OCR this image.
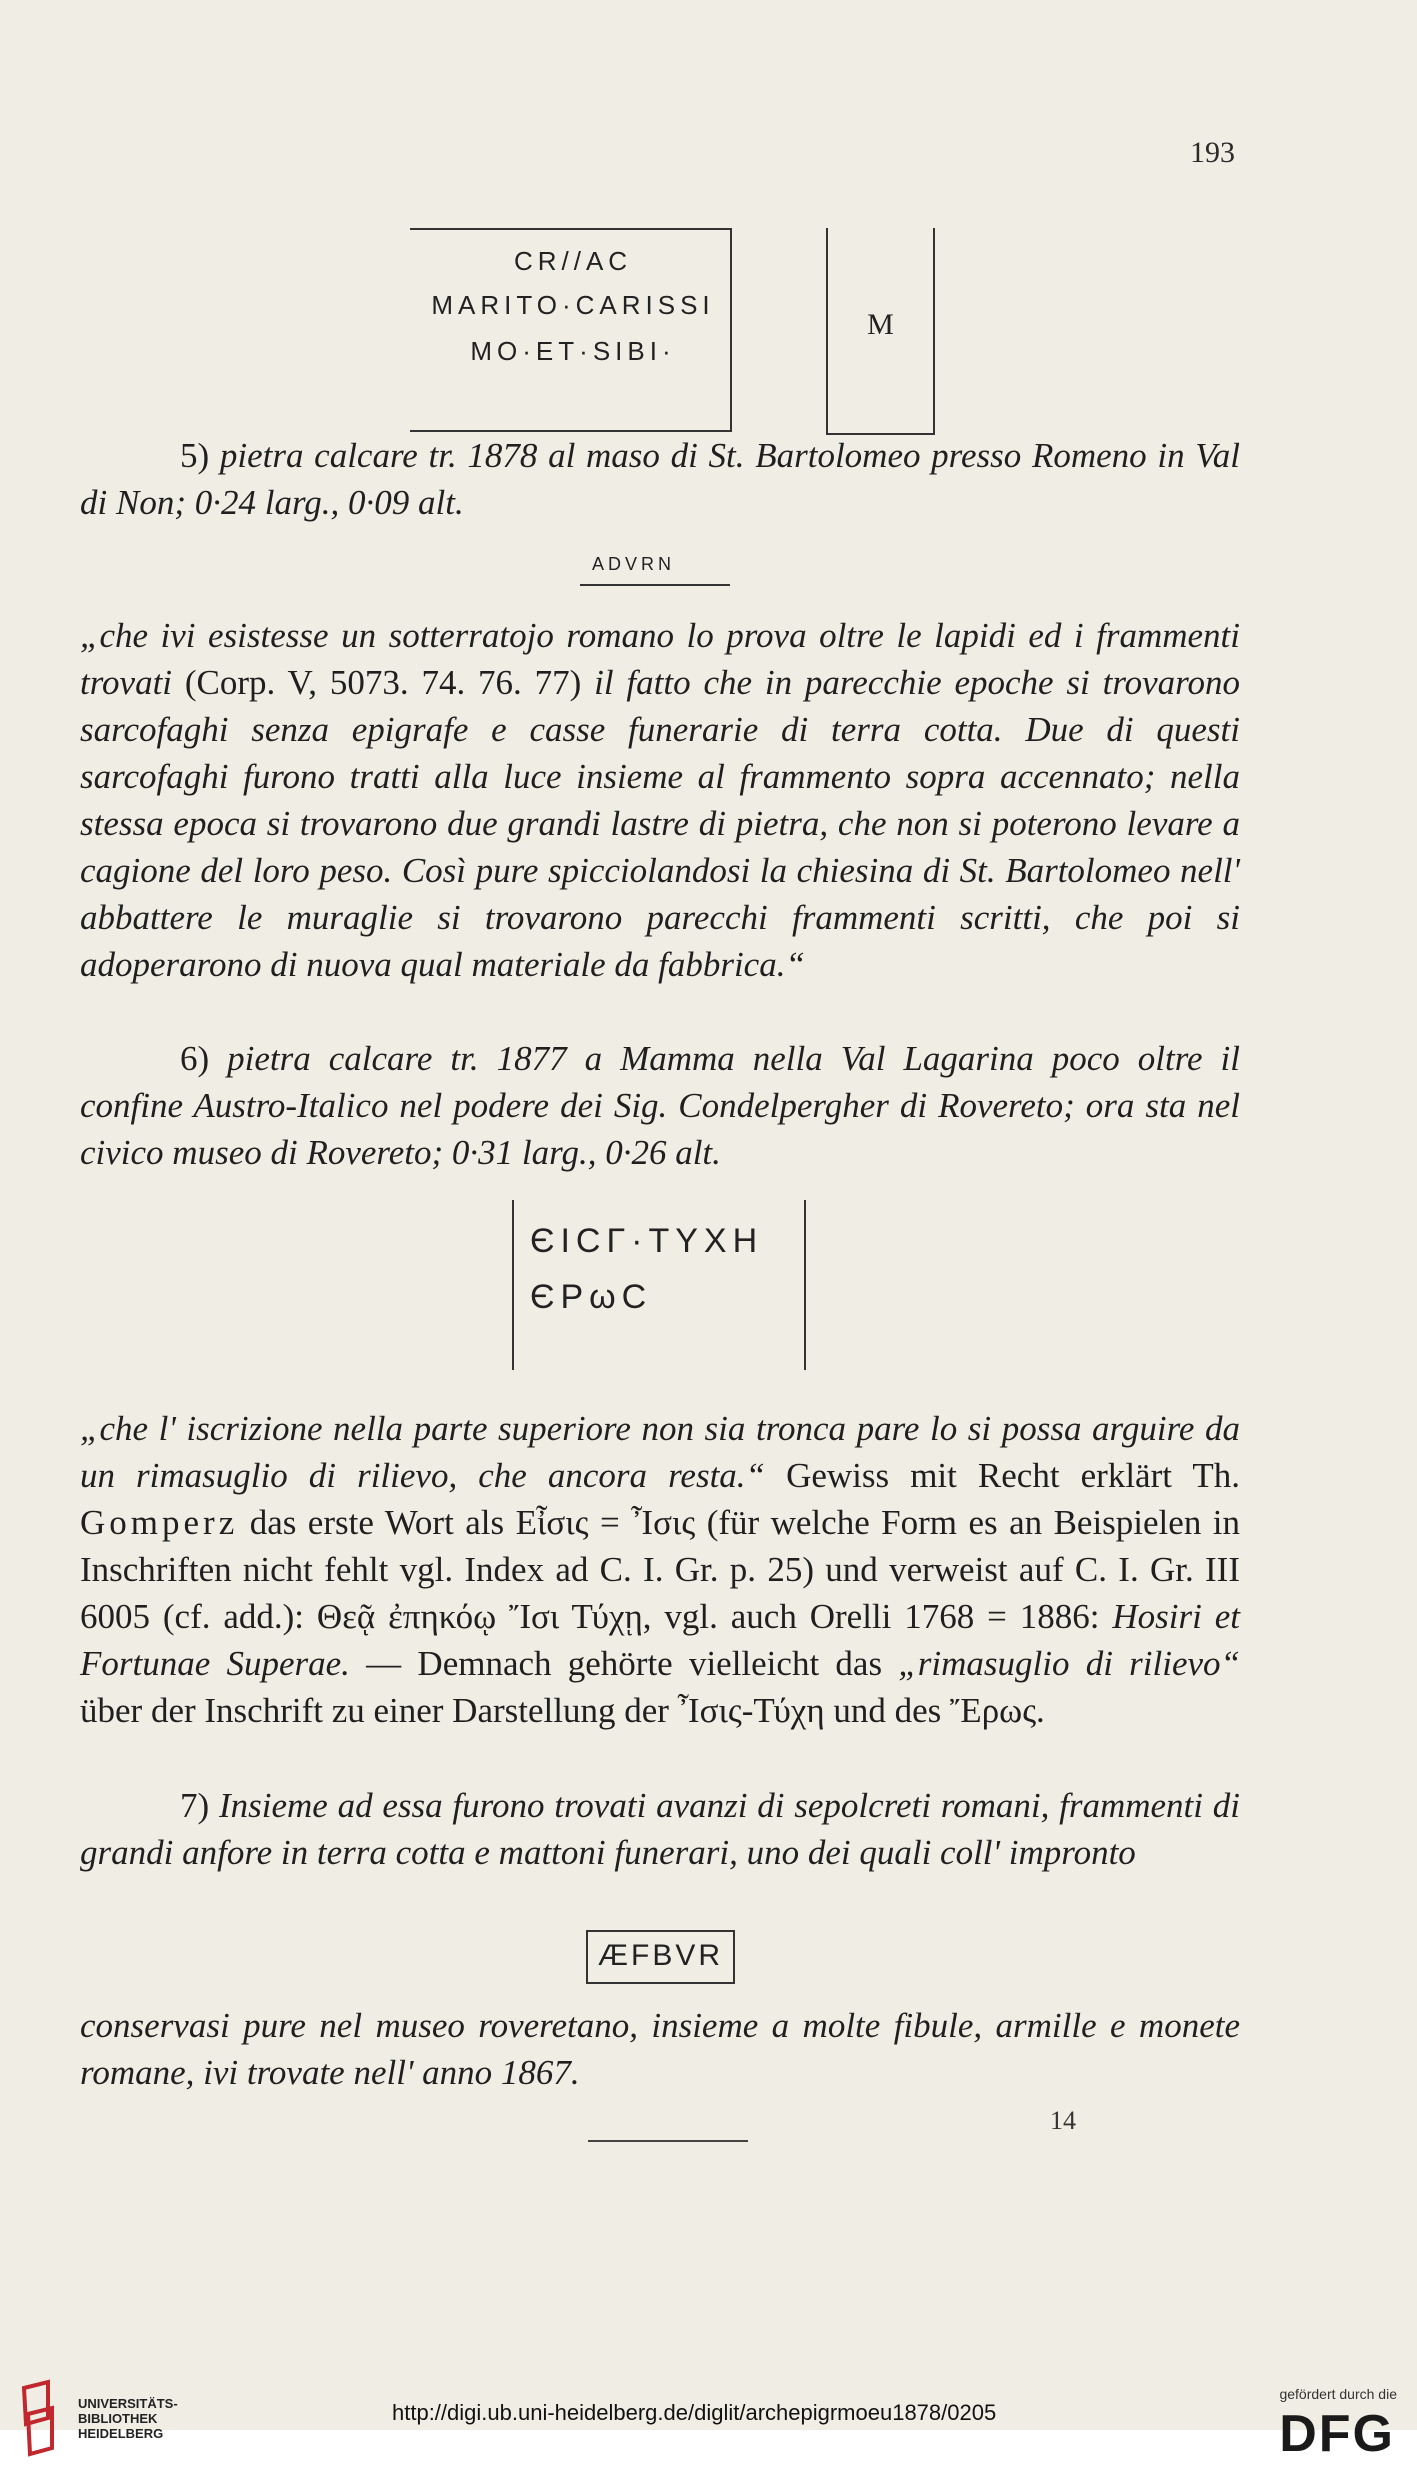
193
CR//AC
MARITO·CARISSI
MO·ET·SIBI·
M
5) pietra calcare tr. 1878 al maso di St. Bartolomeo presso Romeno in Val di Non; 0·24 larg., 0·09 alt.
ADVRN
„che ivi esistesse un sotterratojo romano lo prova oltre le lapidi ed i frammenti trovati (Corp. V, 5073. 74. 76. 77) il fatto che in parecchie epoche si trovarono sarcofaghi senza epigrafe e casse funerarie di terra cotta. Due di questi sarcofaghi furono tratti alla luce insieme al frammento sopra accennato; nella stessa epoca si trovarono due grandi lastre di pietra, che non si poterono levare a cagione del loro peso. Così pure spicciolandosi la chiesina di St. Bartolomeo nell' abbattere le muraglie si trovarono parecchi frammenti scritti, che poi si adoperarono di nuova qual materiale da fabbrica.“
6) pietra calcare tr. 1877 a Mamma nella Val Lagarina poco oltre il confine Austro-Italico nel podere dei Sig. Condelpergher di Rovereto; ora sta nel civico museo di Rovereto; 0·31 larg., 0·26 alt.
ЄICΓ·ΤΥΧΗ
ЄΡωC
„che l' iscrizione nella parte superiore non sia tronca pare lo si possa arguire da un rimasuglio di rilievo, che ancora resta.“ Gewiss mit Recht erklärt Th. Gomperz das erste Wort als Εἶσις = Ἶσις (für welche Form es an Beispielen in Inschriften nicht fehlt vgl. Index ad C. I. Gr. p. 25) und verweist auf C. I. Gr. III 6005 (cf. add.): Θεᾷ ἐπηκόῳ Ἴσι Τύχῃ, vgl. auch Orelli 1768 = 1886: Hosiri et Fortunae Superae. — Demnach gehörte vielleicht das „rimasuglio di rilievo“ über der Inschrift zu einer Darstellung der Ἶσις-Τύχη und des Ἔρως.
7) Insieme ad essa furono trovati avanzi di sepolcreti romani, frammenti di grandi anfore in terra cotta e mattoni funerari, uno dei quali coll' impronto
ÆFBVR
conservasi pure nel museo roveretano, insieme a molte fibule, armille e monete romane, ivi trovate nell' anno 1867.
14
UNIVERSITÄTS-
BIBLIOTHEK
HEIDELBERG
http://digi.ub.uni-heidelberg.de/diglit/archepigrmoeu1878/0205
gefördert durch die
DFG
